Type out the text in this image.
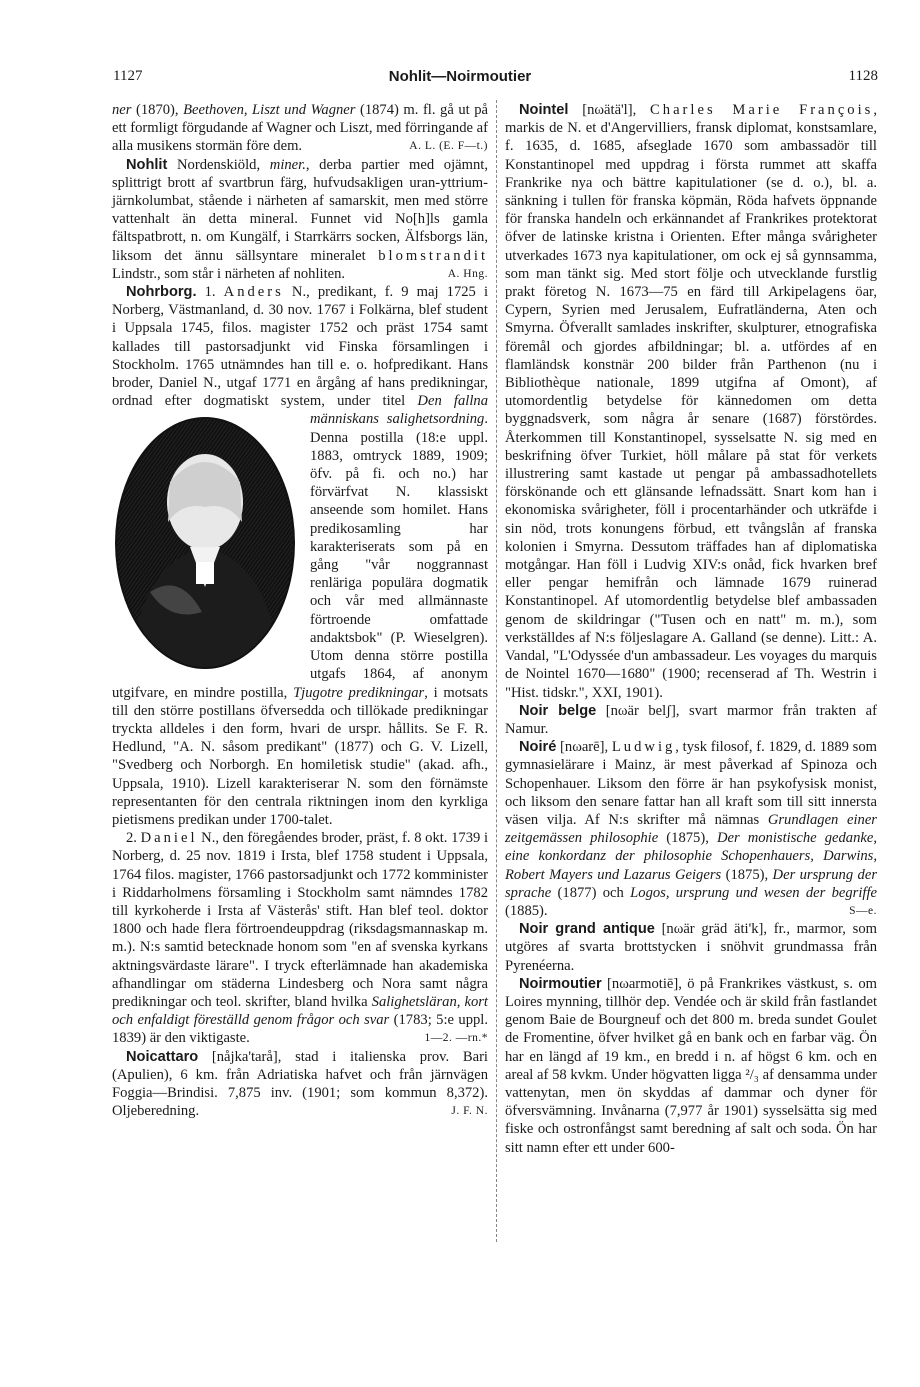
1127	Nohlit—Noirmoutier	1128

ner (1870), Beethoven, Liszt und Wagner (1874) m. fl. gå ut på ett formligt förgudande af Wagner och Liszt, med förringande af alla musikens stormän före dem.	A. L. (E. F—t.)

Nohlit Nordenskiöld, miner., derba partier med ojämnt, splittrigt brott af svartbrun färg, hufvudsakligen uran-yttrium-järnkolumbat, stående i närheten af samarskit, men med större vattenhalt än detta mineral. Funnet vid No[h]ls gamla fältspatbrott, n. om Kungälf, i Starrkärrs socken, Älfsborgs län, liksom det ännu sällsyntare mineralet blomstrandit Lindstr., som står i närheten af nohliten.	A. Hng.

Nohrborg. 1. Anders N., predikant, f. 9 maj 1725 i Norberg, Västmanland, d. 30 nov. 1767 i Folkärna, blef student i Uppsala 1745, filos. magister 1752 och präst 1754 samt kallades till pastorsadjunkt vid Finska församlingen i Stockholm. 1765 utnämndes han till e. o. hofpredikant. Hans broder, Daniel N., utgaf 1771 en årgång af hans predikningar, ordnad efter dogmatiskt system, under titel
Den fallna människans salighetsordning. Denna postilla (18:e uppl. 1883, omtryck 1889, 1909; öfv. på fi. och no.) har förvärfvat N. klassiskt anseende som homilet. Hans predikosamling har karakteriserats som på en gång "vår noggrannast renläriga populära dogmatik och vår med allmännaste förtroende omfattade andaktsbok" (P. Wieselgren). Utom denna större postilla utgafs 1864, af anonym utgifvare, en mindre postilla, Tjugotre predikningar, i motsats till den större postillans öfversedda och tillökade predikningar tryckta alldeles i den form, hvari de urspr. hållits. Se F. R. Hedlund, "A. N. såsom predikant" (1877) och G. V. Lizell, "Svedberg och Norborgh. En homiletisk studie" (akad. afh., Uppsala, 1910). Lizell karakteriserar N. som den förnämste representanten för den centrala riktningen inom den kyrkliga pietismens predikan under 1700-talet.

2. Daniel N., den föregåendes broder, präst, f. 8 okt. 1739 i Norberg, d. 25 nov. 1819 i Irsta, blef 1758 student i Uppsala, 1764 filos. magister, 1766 pastorsadjunkt och 1772 komminister i Riddarholmens församling i Stockholm samt nämndes 1782 till kyrkoherde i Irsta af Västerås' stift. Han blef teol. doktor 1800 och hade flera förtroendeuppdrag (riksdagsmannaskap m. m.). N:s samtid betecknade honom som "en af svenska kyrkans aktningsvärdaste lärare". I tryck efterlämnade han akademiska afhandlingar om städerna Lindesberg och Nora samt några predikningar och teol. skrifter, bland hvilka Salighetsläran, kort och enfaldigt föreställd genom frågor och svar (1783; 5:e uppl. 1839) är den viktigaste.	1—2. —rn.*

Noicattaro [nåjka'tarå], stad i italienska prov. Bari (Apulien), 6 km. från Adriatiska hafvet och från järnvägen Foggia—Brindisi. 7,875 inv. (1901; som kommun 8,372). Oljeberedning.	J. F. N.

Nointel [nωätä'l], Charles Marie François, markis de N. et d'Angervilliers, fransk diplomat, konstsamlare, f. 1635, d. 1685, afseglade 1670 som ambassadör till Konstantinopel med uppdrag i första rummet att skaffa Frankrike nya och bättre kapitulationer (se d. o.), bl. a. sänkning i tullen för franska köpmän, Röda hafvets öppnande för franska handeln och erkännandet af Frankrikes protektorat öfver de latinske kristna i Orienten. Efter många svårigheter utverkades 1673 nya kapitulationer, om ock ej så gynnsamma, som man tänkt sig. Med stort följe och utvecklande furstlig prakt företog N. 1673—75 en färd till Arkipelagens öar, Cypern, Syrien med Jerusalem, Eufratländerna, Aten och Smyrna. Öfverallt samlades inskrifter, skulpturer, etnografiska föremål och gjordes afbildningar; bl. a. utfördes af en flamländsk konstnär 200 bilder från Parthenon (nu i Bibliothèque nationale, 1899 utgifna af Omont), af utomordentlig betydelse för kännedomen om detta byggnadsverk, som några år senare (1687) förstördes. Återkommen till Konstantinopel, sysselsatte N. sig med en beskrifning öfver Turkiet, höll målare på stat för verkets illustrering samt kastade ut pengar på ambassadhotellets förskönande och ett glänsande lefnadssätt. Snart kom han i ekonomiska svårigheter, föll i procentarhänder och utkräfde i sin nöd, trots konungens förbud, ett tvångslån af franska kolonien i Smyrna. Dessutom träffades han af diplomatiska motgångar. Han föll i Ludvig XIV:s onåd, fick hvarken bref eller pengar hemifrån och lämnade 1679 ruinerad Konstantinopel. Af utomordentlig betydelse blef ambassaden genom de skildringar ("Tusen och en natt" m. m.), som verkställdes af N:s följeslagare A. Galland (se denne). Litt.: A. Vandal, "L'Odyssée d'un ambassadeur. Les voyages du marquis de Nointel 1670—1680" (1900; recenserad af Th. Westrin i "Hist. tidskr.", XXI, 1901).

Noir belge [nωär belʃ], svart marmor från trakten af Namur.

Noiré [nωarē], Ludwig, tysk filosof, f. 1829, d. 1889 som gymnasielärare i Mainz, är mest påverkad af Spinoza och Schopenhauer. Liksom den förre är han psykofysisk monist, och liksom den senare fattar han all kraft som till sitt innersta väsen vilja. Af N:s skrifter må nämnas Grundlagen einer zeitgemässen philosophie (1875), Der monistische gedanke, eine konkordanz der philosophie Schopenhauers, Darwins, Robert Mayers und Lazarus Geigers (1875), Der ursprung der sprache (1877) och Logos, ursprung und wesen der begriffe (1885).	S—e.

Noir grand antique [nωär gräd äti'k], fr., marmor, som utgöres af svarta brottstycken i snöhvit grundmassa från Pyrenéerna.

Noirmoutier [nωarmotiē], ö på Frankrikes västkust, s. om Loires mynning, tillhör dep. Vendée och är skild från fastlandet genom Baie de Bourgneuf och det 800 m. breda sundet Goulet de Fromentine, öfver hvilket gå en bank och en farbar väg. Ön har en längd af 19 km., en bredd i n. af högst 6 km. och en areal af 58 kvkm. Under högvatten ligga ²/₃ af densamma under vattenytan, men ön skyddas af dammar och dyner för öfversvämning. Invånarna (7,977 år 1901) sysselsätta sig med fiske och ostronfångst samt beredning af salt och soda. Ön har sitt namn efter ett under 600-
